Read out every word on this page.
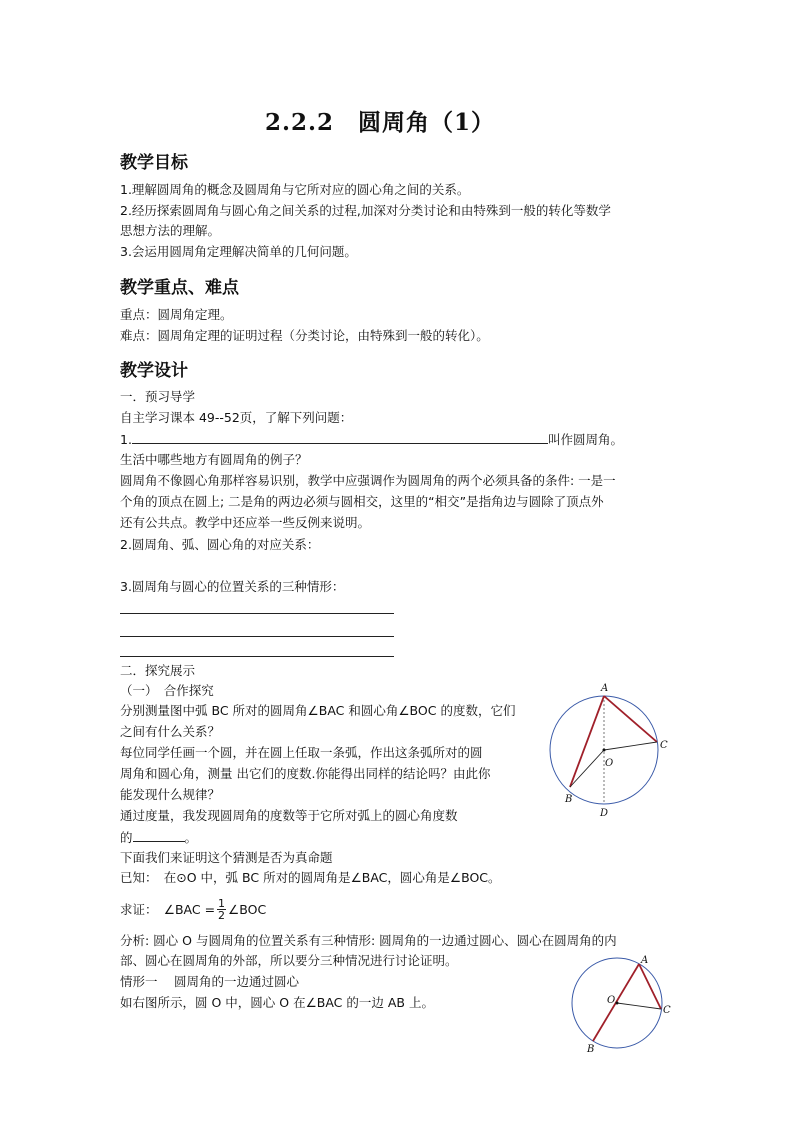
2.2.2　圆周角（1）
教学目标
1.理解圆周角的概念及圆周角与它所对应的圆心角之间的关系。
2.经历探索圆周角与圆心角之间关系的过程,加深对分类讨论和由特殊到一般的转化等数学
思想方法的理解。
3.会运用圆周角定理解决简单的几何问题。
教学重点、难点
重点：圆周角定理。
难点：圆周角定理的证明过程（分类讨论，由特殊到一般的转化）。
教学设计
一．预习导学
自主学习课本 49--52页，了解下列问题：
1.	叫作圆周角。
生活中哪些地方有圆周角的例子？
圆周角不像圆心角那样容易识别，教学中应强调作为圆周角的两个必须具备的条件: 一是一
个角的顶点在圆上; 二是角的两边必须与圆相交，这里的“相交”是指角边与圆除了顶点外
还有公共点。教学中还应举一些反例来说明。
2.圆周角、弧、圆心角的对应关系：
3.圆周角与圆心的位置关系的三种情形：
二．探究展示
（一）　合作探究
分别测量图中弧 BC 所对的圆周角∠BAC 和圆心角∠BOC 的度数，它们
之间有什么关系？
每位同学任画一个圆，并在圆上任取一条弧，作出这条弧所对的圆
周角和圆心角，测量 出它们的度数.你能得出同样的结论吗？由此你
能发现什么规律？
通过度量，我发现圆周角的度数等于它所对弧上的圆心角度数
的	。
下面我们来证明这个猜测是否为真命题
已知：　在⊙O 中，弧 BC 所对的圆周角是∠BAC，圆心角是∠BOC。
求证：　∠BAC = $\frac{1}{2}$ ∠BOC
分析: 圆心 O 与圆周角的位置关系有三种情形: 圆周角的一边通过圆心、圆心在圆周角的内
部、圆心在圆周角的外部，所以要分三种情况进行讨论证明。
情形一　 圆周角的一边通过圆心
如右图所示，圆 O 中，圆心 O 在∠BAC 的一边 AB 上。
A
B
C
D
O
A
B
C
O
